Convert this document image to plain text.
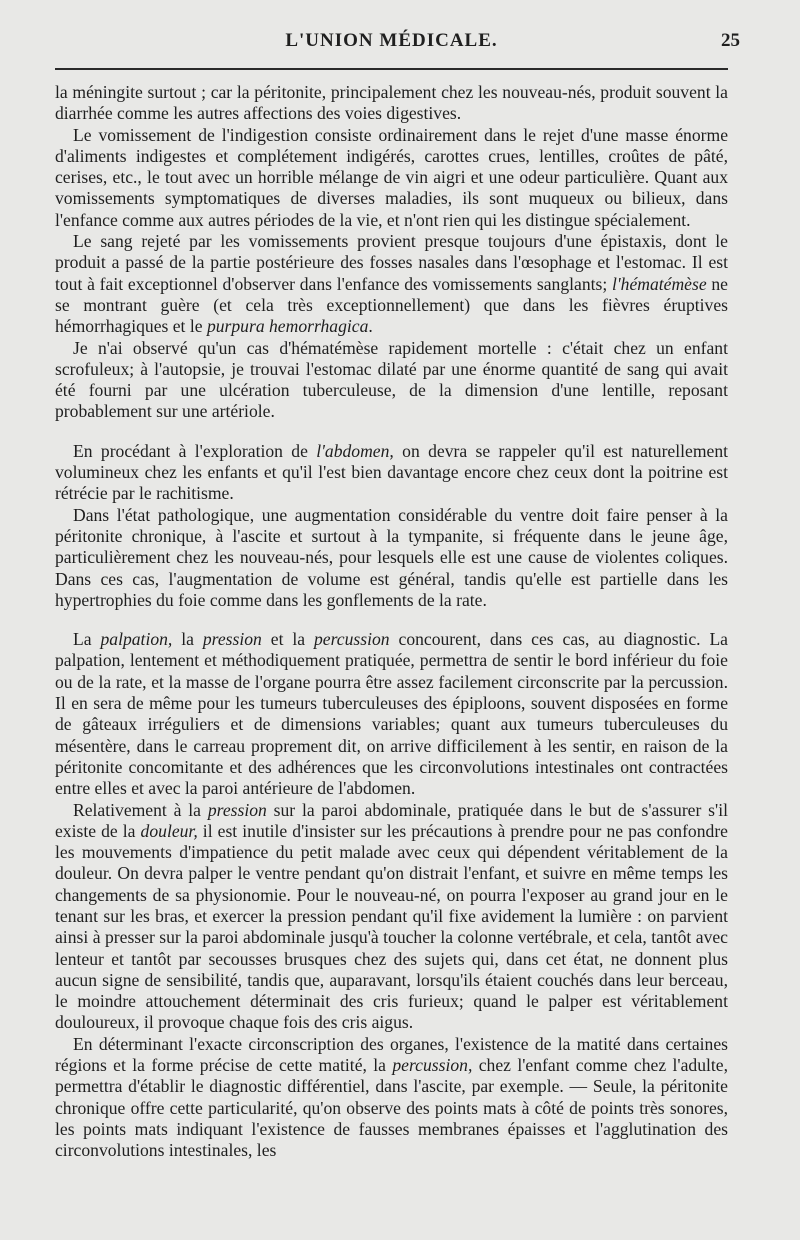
L'UNION MÉDICALE.	25

la méningite surtout ; car la péritonite, principalement chez les nouveau-nés, produit souvent la diarrhée comme les autres affections des voies digestives.

Le vomissement de l'indigestion consiste ordinairement dans le rejet d'une masse énorme d'aliments indigestes et complétement indigérés, carottes crues, lentilles, croûtes de pâté, cerises, etc., le tout avec un horrible mélange de vin aigri et une odeur particulière. Quant aux vomissements symptomatiques de diverses maladies, ils sont muqueux ou bilieux, dans l'enfance comme aux autres périodes de la vie, et n'ont rien qui les distingue spécialement.

Le sang rejeté par les vomissements provient presque toujours d'une épistaxis, dont le produit a passé de la partie postérieure des fosses nasales dans l'œsophage et l'estomac. Il est tout à fait exceptionnel d'observer dans l'enfance des vomissements sanglants; l'hématémèse ne se montrant guère (et cela très exceptionnellement) que dans les fièvres éruptives hémorrhagiques et le purpura hemorrhagica.

Je n'ai observé qu'un cas d'hématémèse rapidement mortelle : c'était chez un enfant scrofuleux; à l'autopsie, je trouvai l'estomac dilaté par une énorme quantité de sang qui avait été fourni par une ulcération tuberculeuse, de la dimension d'une lentille, reposant probablement sur une artériole.

En procédant à l'exploration de l'abdomen, on devra se rappeler qu'il est naturellement volumineux chez les enfants et qu'il l'est bien davantage encore chez ceux dont la poitrine est rétrécie par le rachitisme.

Dans l'état pathologique, une augmentation considérable du ventre doit faire penser à la péritonite chronique, à l'ascite et surtout à la tympanite, si fréquente dans le jeune âge, particulièrement chez les nouveau-nés, pour lesquels elle est une cause de violentes coliques. Dans ces cas, l'augmentation de volume est général, tandis qu'elle est partielle dans les hypertrophies du foie comme dans les gonflements de la rate.

La palpation, la pression et la percussion concourent, dans ces cas, au diagnostic. La palpation, lentement et méthodiquement pratiquée, permettra de sentir le bord inférieur du foie ou de la rate, et la masse de l'organe pourra être assez facilement circonscrite par la percussion. Il en sera de même pour les tumeurs tuberculeuses des épiploons, souvent disposées en forme de gâteaux irréguliers et de dimensions variables; quant aux tumeurs tuberculeuses du mésentère, dans le carreau proprement dit, on arrive difficilement à les sentir, en raison de la péritonite concomitante et des adhérences que les circonvolutions intestinales ont contractées entre elles et avec la paroi antérieure de l'abdomen.

Relativement à la pression sur la paroi abdominale, pratiquée dans le but de s'assurer s'il existe de la douleur, il est inutile d'insister sur les précautions à prendre pour ne pas confondre les mouvements d'impatience du petit malade avec ceux qui dépendent véritablement de la douleur. On devra palper le ventre pendant qu'on distrait l'enfant, et suivre en même temps les changements de sa physionomie. Pour le nouveau-né, on pourra l'exposer au grand jour en le tenant sur les bras, et exercer la pression pendant qu'il fixe avidement la lumière : on parvient ainsi à presser sur la paroi abdominale jusqu'à toucher la colonne vertébrale, et cela, tantôt avec lenteur et tantôt par secousses brusques chez des sujets qui, dans cet état, ne donnent plus aucun signe de sensibilité, tandis que, auparavant, lorsqu'ils étaient couchés dans leur berceau, le moindre attouchement déterminait des cris furieux; quand le palper est véritablement douloureux, il provoque chaque fois des cris aigus.

En déterminant l'exacte circonscription des organes, l'existence de la matité dans certaines régions et la forme précise de cette matité, la percussion, chez l'enfant comme chez l'adulte, permettra d'établir le diagnostic différentiel, dans l'ascite, par exemple. — Seule, la péritonite chronique offre cette particularité, qu'on observe des points mats à côté de points très sonores, les points mats indiquant l'existence de fausses membranes épaisses et l'agglutination des circonvolutions intestinales, les
